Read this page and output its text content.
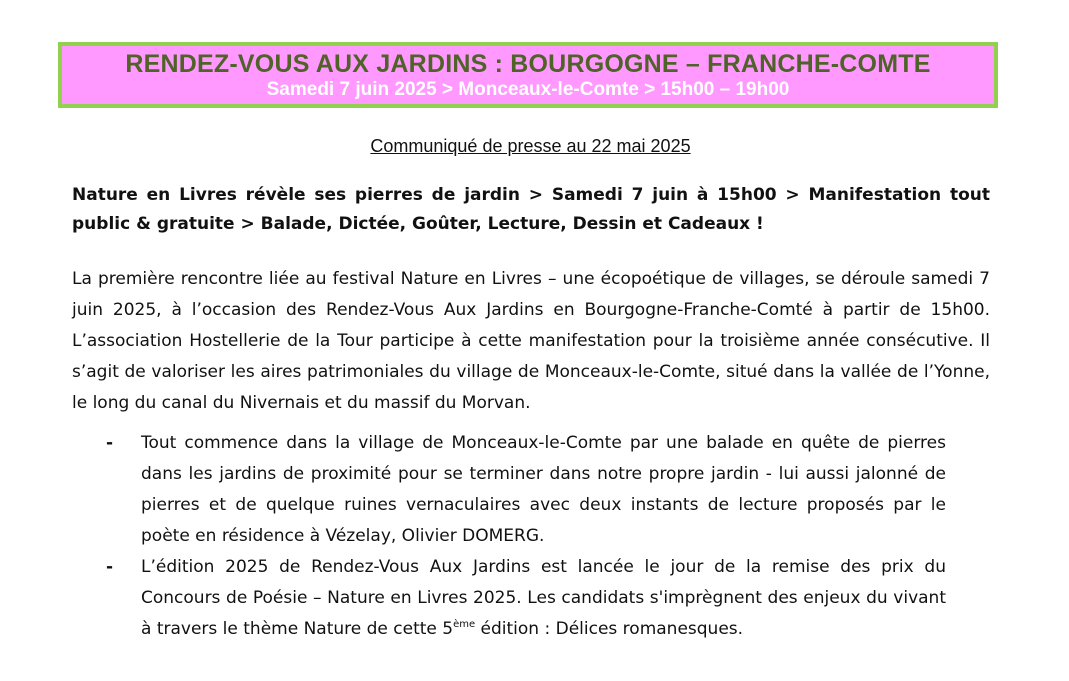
RENDEZ-VOUS AUX JARDINS : BOURGOGNE – FRANCHE-COMTE
Samedi 7 juin 2025 > Monceaux-le-Comte > 15h00 – 19h00
Communiqué de presse au 22 mai 2025
Nature en Livres révèle ses pierres de jardin > Samedi 7 juin à 15h00 > Manifestation tout public & gratuite > Balade, Dictée, Goûter, Lecture, Dessin et Cadeaux !
La première rencontre liée au festival Nature en Livres – une écopoétique de villages, se déroule samedi 7 juin 2025, à l’occasion des Rendez-Vous Aux Jardins en Bourgogne-Franche-Comté à partir de 15h00. L’association Hostellerie de la Tour participe à cette manifestation pour la troisième année consécutive. Il s’agit de valoriser les aires patrimoniales du village de Monceaux-le-Comte, situé dans la vallée de l’Yonne, le long du canal du Nivernais et du massif du Morvan.
- Tout commence dans la village de Monceaux-le-Comte par une balade en quête de pierres dans les jardins de proximité pour se terminer dans notre propre jardin - lui aussi jalonné de pierres et de quelque ruines vernaculaires avec deux instants de lecture proposés par le poète en résidence à Vézelay, Olivier DOMERG.
- L’édition 2025 de Rendez-Vous Aux Jardins est lancée le jour de la remise des prix du Concours de Poésie – Nature en Livres 2025. Les candidats s'imprègnent des enjeux du vivant à travers le thème Nature de cette 5ème édition : Délices romanesques.
